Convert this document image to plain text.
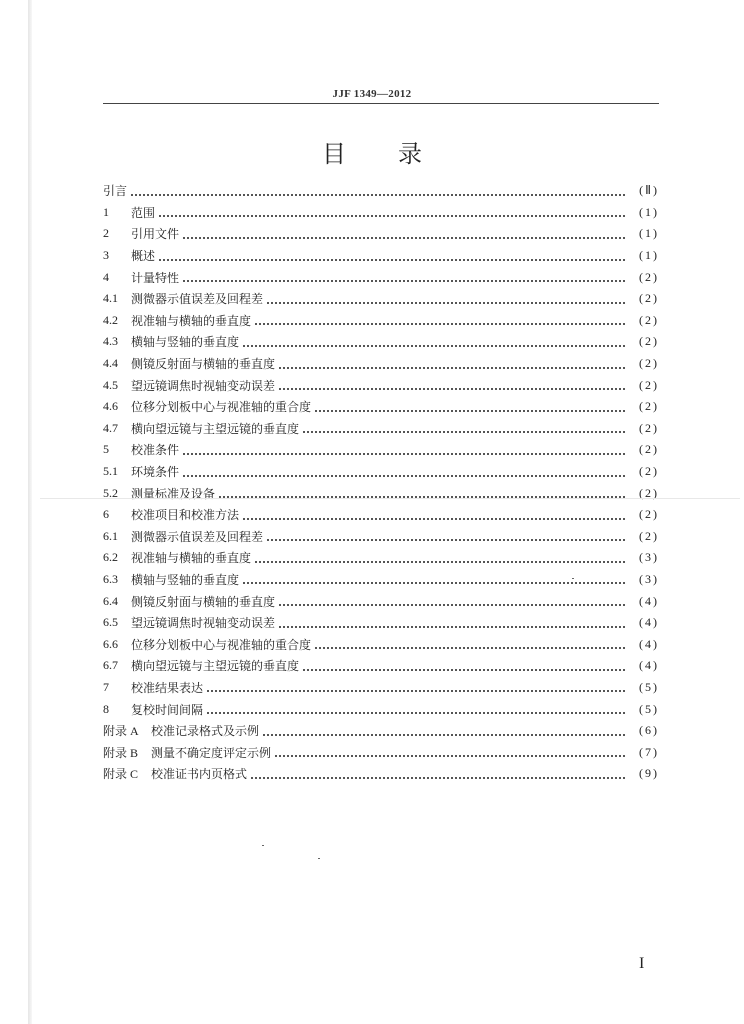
JJF 1349—2012
目 录
引言	(Ⅱ)
1	范围	(1)
2	引用文件	(1)
3	概述	(1)
4	计量特性	(2)
4.1	测微器示值误差及回程差	(2)
4.2	视准轴与横轴的垂直度	(2)
4.3	横轴与竖轴的垂直度	(2)
4.4	侧镜反射面与横轴的垂直度	(2)
4.5	望远镜调焦时视轴变动误差	(2)
4.6	位移分划板中心与视准轴的重合度	(2)
4.7	横向望远镜与主望远镜的垂直度	(2)
5	校准条件	(2)
5.1	环境条件	(2)
5.2	测量标准及设备	(2)
6	校准项目和校准方法	(2)
6.1	测微器示值误差及回程差	(2)
6.2	视准轴与横轴的垂直度	(3)
6.3	横轴与竖轴的垂直度	(3)
6.4	侧镜反射面与横轴的垂直度	(4)
6.5	望远镜调焦时视轴变动误差	(4)
6.6	位移分划板中心与视准轴的重合度	(4)
6.7	横向望远镜与主望远镜的垂直度	(4)
7	校准结果表达	(5)
8	复校时间间隔	(5)
附录 A	校准记录格式及示例	(6)
附录 B	测量不确定度评定示例	(7)
附录 C	校准证书内页格式	(9)
I
